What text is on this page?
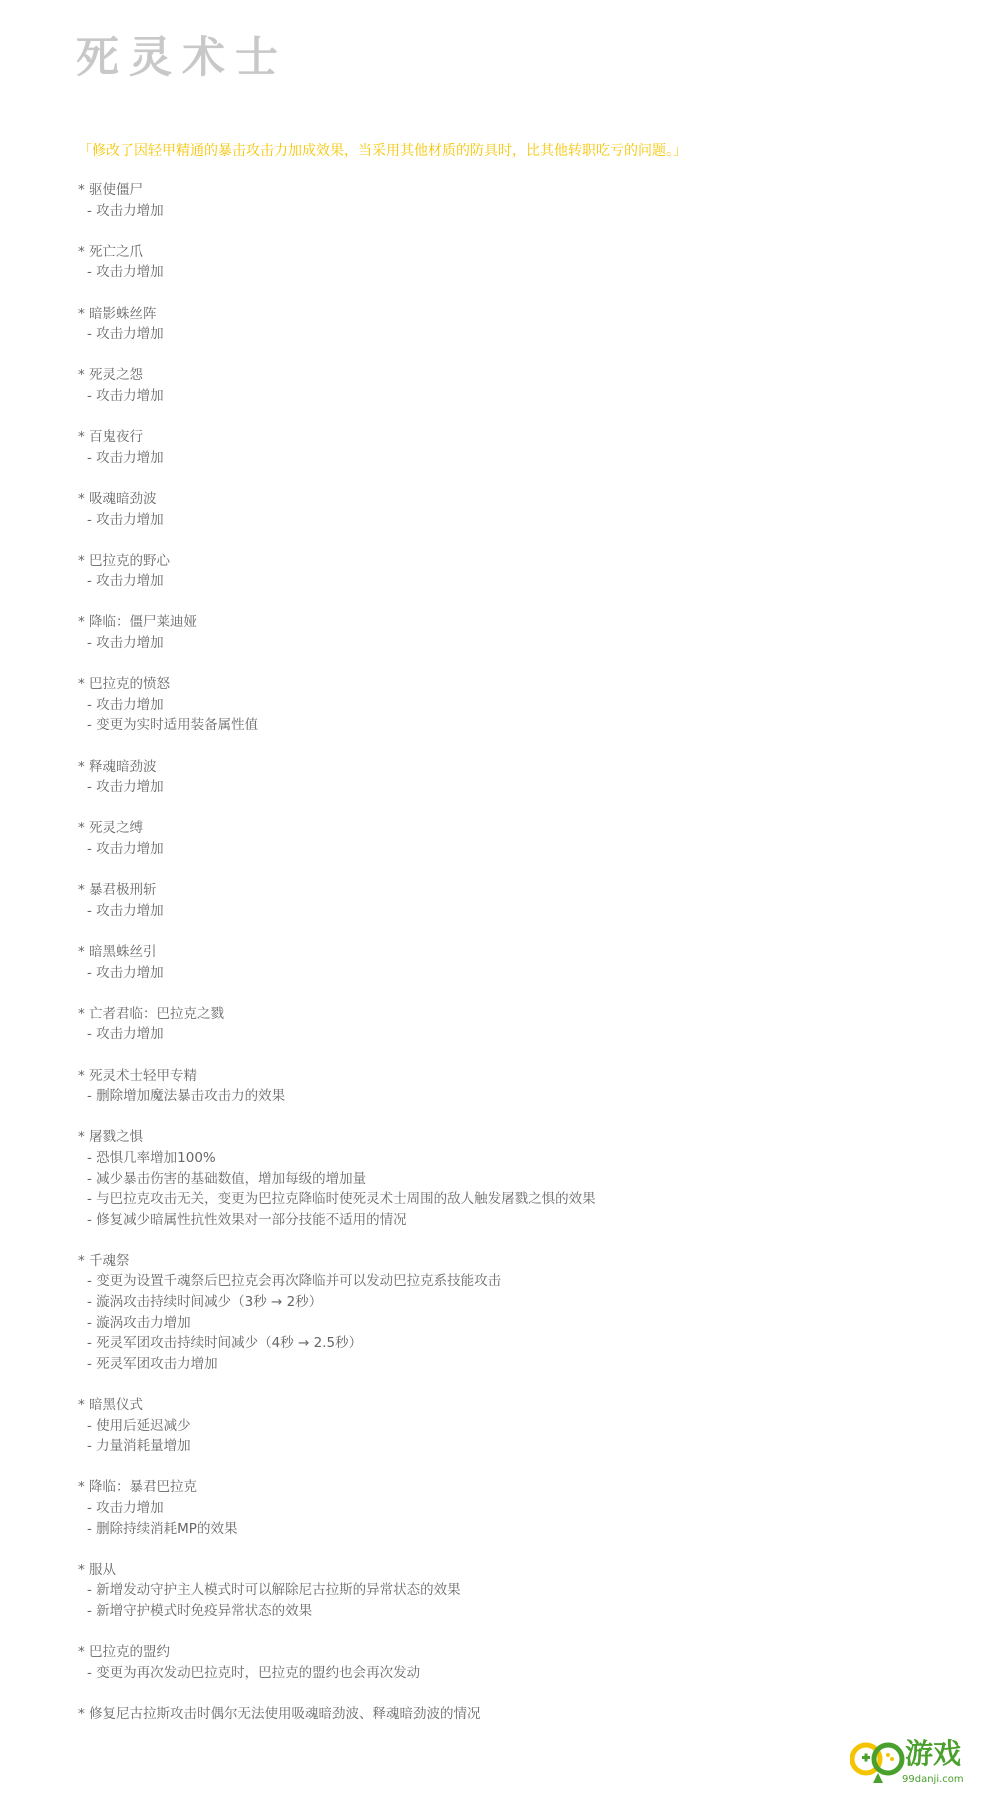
死灵术士

「修改了因轻甲精通的暴击攻击力加成效果，当采用其他材质的防具时，比其他转职吃亏的问题。」

* 驱使僵尸
- 攻击力增加
* 死亡之爪
- 攻击力增加
* 暗影蛛丝阵
- 攻击力增加
* 死灵之怨
- 攻击力增加
* 百鬼夜行
- 攻击力增加
* 吸魂暗劲波
- 攻击力增加
* 巴拉克的野心
- 攻击力增加
* 降临：僵尸莱迪娅
- 攻击力增加
* 巴拉克的愤怒
- 攻击力增加
- 变更为实时适用装备属性值
* 释魂暗劲波
- 攻击力增加
* 死灵之缚
- 攻击力增加
* 暴君极刑斩
- 攻击力增加
* 暗黑蛛丝引
- 攻击力增加
* 亡者君临：巴拉克之戮
- 攻击力增加
* 死灵术士轻甲专精
- 删除增加魔法暴击攻击力的效果
* 屠戮之惧
- 恐惧几率增加100%
- 减少暴击伤害的基础数值，增加每级的增加量
- 与巴拉克攻击无关，变更为巴拉克降临时使死灵术士周围的敌人触发屠戮之惧的效果
- 修复减少暗属性抗性效果对一部分技能不适用的情况
* 千魂祭
- 变更为设置千魂祭后巴拉克会再次降临并可以发动巴拉克系技能攻击
- 漩涡攻击持续时间减少（3秒 → 2秒）
- 漩涡攻击力增加
- 死灵军团攻击持续时间减少（4秒 → 2.5秒）
- 死灵军团攻击力增加
* 暗黑仪式
- 使用后延迟减少
- 力量消耗量增加
* 降临：暴君巴拉克
- 攻击力增加
- 删除持续消耗MP的效果
* 服从
- 新增发动守护主人模式时可以解除尼古拉斯的异常状态的效果
- 新增守护模式时免疫异常状态的效果
* 巴拉克的盟约
- 变更为再次发动巴拉克时，巴拉克的盟约也会再次发动
* 修复尼古拉斯攻击时偶尔无法使用吸魂暗劲波、释魂暗劲波的情况
游戏
99danji.com
